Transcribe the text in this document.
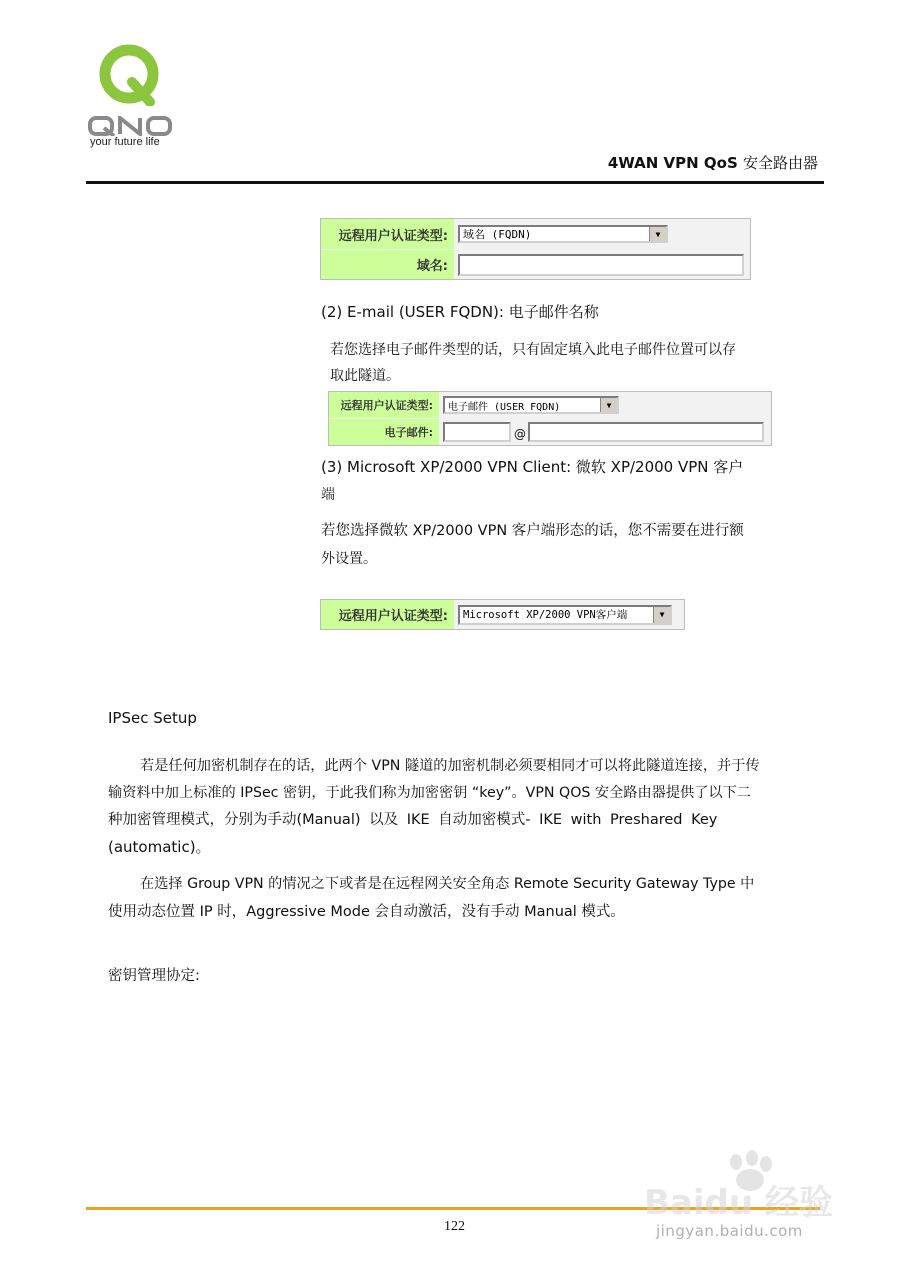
your future life
4WAN VPN QoS 安全路由器
远程用户认证类型:	域名 (FQDN)	▼
域名:
(2) E-mail (USER FQDN): 电子邮件名称
若您选择电子邮件类型的话，只有固定填入此电子邮件位置可以存
取此隧道。
远程用户认证类型:	电子邮件 (USER FQDN)	▼
电子邮件:	@
(3) Microsoft XP/2000 VPN Client: 微软 XP/2000 VPN 客户
端
若您选择微软 XP/2000 VPN 客户端形态的话，您不需要在进行额
外设置。
远程用户认证类型:	Microsoft XP/2000 VPN客户端	▼
IPSec Setup
若是任何加密机制存在的话，此两个 VPN 隧道的加密机制必须要相同才可以将此隧道连接，并于传
输资料中加上标准的 IPSec 密钥，于此我们称为加密密钥 “key”。VPN QOS 安全路由器提供了以下二
种加密管理模式，分别为手动(Manual) 以及 IKE 自动加密模式- IKE with Preshared Key
(automatic)。
在选择 Group VPN 的情况之下或者是在远程网关安全角态 Remote Security Gateway Type 中
使用动态位置 IP 时，Aggressive Mode 会自动激活，没有手动 Manual 模式。
密钥管理协定:
122
Baidu 经验
jingyan.baidu.com
